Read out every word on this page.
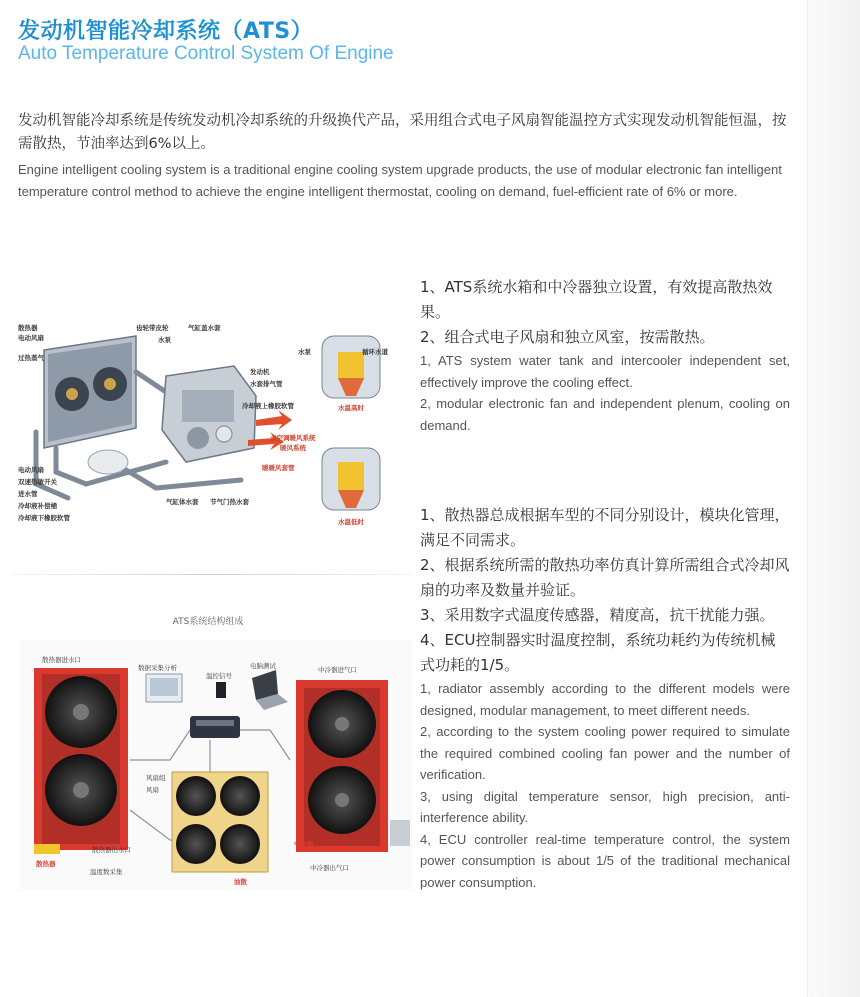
发动机智能冷却系统（ATS）
Auto Temperature Control System Of Engine
发动机智能冷却系统是传统发动机冷却系统的升级换代产品，采用组合式电子风扇智能温控方式实现发动机智能恒温，按需散热，节油率达到6%以上。
Engine intelligent cooling system is a traditional engine cooling system upgrade products, the use of modular electronic fan intelligent temperature control method to achieve the engine intelligent thermostat, cooling on demand, fuel-efficient rate of 6% or more.
散热器
电动风扇
过热蒸气
齿轮带皮轮
水泵
气缸盖水套
发动机
水套排气管
冷却液上橡胶软管
去空调暖风系统
暖风系统
暖暖风套管
电动风扇
双速热敏开关
进水管
冷却液补偿桶
冷却液下橡胶软管
气缸体水套 节气门热水套
水泵	循环水道
水温高时
水温低时
ATS系统结构组成
散热器进水口
数据采集分析
温控信号
电脑测试	中冷器进气口
散热器
散热器出水口
温度数采集
风扇组
风扇
油散
中冷器
中冷器出气口

1、ATS系统水箱和中冷器独立设置，有效提高散热效果。

2、组合式电子风扇和独立风室，按需散热。

1, ATS system water tank and intercooler independent set, effectively improve the cooling effect.

2, modular electronic fan and independent plenum, cooling on demand.

1、散热器总成根据车型的不同分别设计，模块化管理，满足不同需求。

2、根据系统所需的散热功率仿真计算所需组合式冷却风扇的功率及数量并验证。

3、采用数字式温度传感器，精度高，抗干扰能力强。

4、ECU控制器实时温度控制，系统功耗约为传统机械式功耗的1/5。

1, radiator assembly according to the different models were designed, modular management, to meet different needs.

2, according to the system cooling power required to simulate the required combined cooling fan power and the number of verification.

3, using digital temperature sensor, high precision, anti-interference ability.

4, ECU controller real-time temperature control, the system power consumption is about 1/5 of the traditional mechanical power consumption.
